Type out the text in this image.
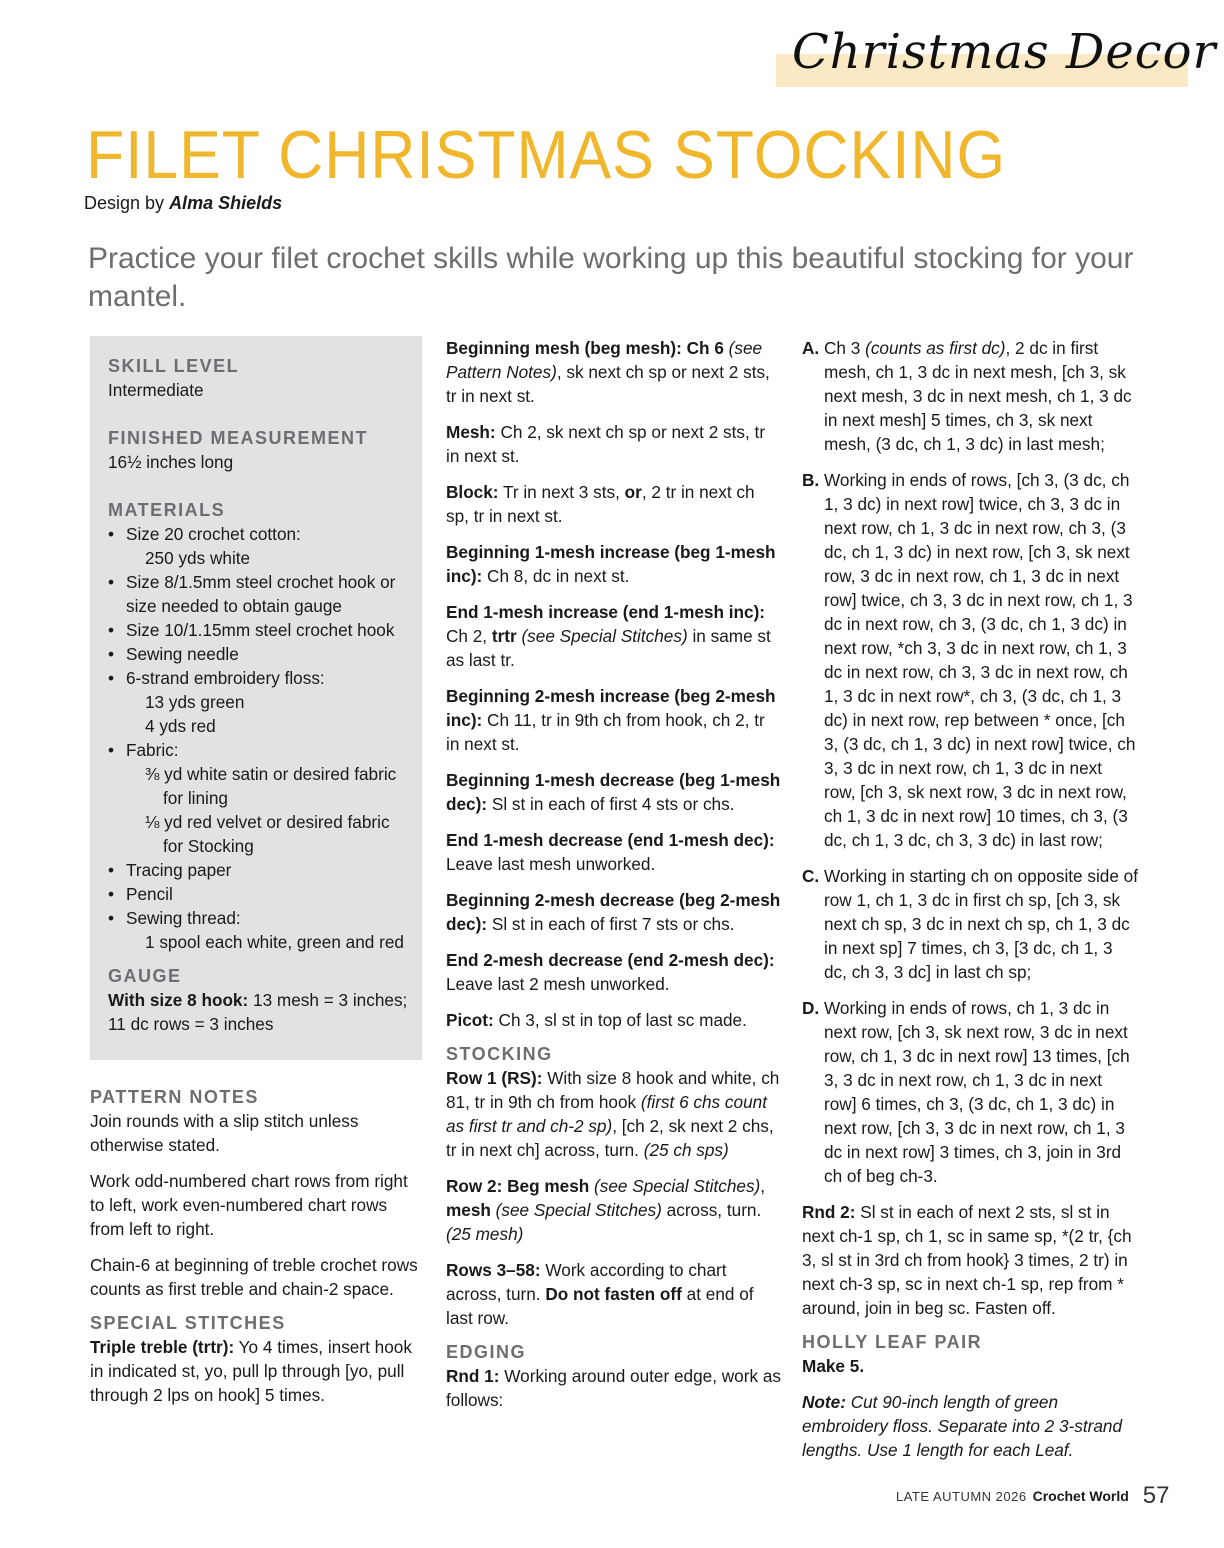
Christmas Decor
FILET CHRISTMAS STOCKING
Design by Alma Shields
Practice your filet crochet skills while working up this beautiful stocking for your mantel.
SKILL LEVEL
Intermediate
FINISHED MEASUREMENT
16½ inches long
MATERIALS
• Size 20 crochet cotton:
250 yds white
• Size 8/1.5mm steel crochet hook or
size needed to obtain gauge
• Size 10/1.15mm steel crochet hook
• Sewing needle
• 6-strand embroidery floss:
13 yds green
4 yds red
• Fabric:
⅜ yd white satin or desired fabric
for lining
⅛ yd red velvet or desired fabric
for Stocking
• Tracing paper
• Pencil
• Sewing thread:
1 spool each white, green and red
GAUGE
With size 8 hook: 13 mesh = 3 inches; 11 dc rows = 3 inches
PATTERN NOTES

Join rounds with a slip stitch unless otherwise stated.

Work odd-numbered chart rows from right to left, work even-numbered chart rows from left to right.

Chain-6 at beginning of treble crochet rows counts as first treble and chain-2 space.

SPECIAL STITCHES

Triple treble (trtr): Yo 4 times, insert hook in indicated st, yo, pull lp through [yo, pull through 2 lps on hook] 5 times.

Beginning mesh (beg mesh): Ch 6 (see Pattern Notes), sk next ch sp or next 2 sts, tr in next st.

Mesh: Ch 2, sk next ch sp or next 2 sts, tr in next st.

Block: Tr in next 3 sts, or, 2 tr in next ch sp, tr in next st.

Beginning 1-mesh increase (beg 1-mesh inc): Ch 8, dc in next st.

End 1-mesh increase (end 1-mesh inc): Ch 2, trtr (see Special Stitches) in same st as last tr.

Beginning 2-mesh increase (beg 2-mesh inc): Ch 11, tr in 9th ch from hook, ch 2, tr in next st.

Beginning 1-mesh decrease (beg 1-mesh dec): Sl st in each of first 4 sts or chs.

End 1-mesh decrease (end 1-mesh dec): Leave last mesh unworked.

Beginning 2-mesh decrease (beg 2-mesh dec): Sl st in each of first 7 sts or chs.

End 2-mesh decrease (end 2-mesh dec): Leave last 2 mesh unworked.

Picot: Ch 3, sl st in top of last sc made.

STOCKING

Row 1 (RS): With size 8 hook and white, ch 81, tr in 9th ch from hook (first 6 chs count as first tr and ch-2 sp), [ch 2, sk next 2 chs, tr in next ch] across, turn. (25 ch sps)

Row 2: Beg mesh (see Special Stitches), mesh (see Special Stitches) across, turn. (25 mesh)

Rows 3–58: Work according to chart across, turn. Do not fasten off at end of last row.

EDGING

Rnd 1: Working around outer edge, work as follows:

A. Ch 3 (counts as first dc), 2 dc in first mesh, ch 1, 3 dc in next mesh, [ch 3, sk next mesh, 3 dc in next mesh, ch 1, 3 dc in next mesh] 5 times, ch 3, sk next mesh, (3 dc, ch 1, 3 dc) in last mesh;
B. Working in ends of rows, [ch 3, (3 dc, ch 1, 3 dc) in next row] twice, ch 3, 3 dc in next row, ch 1, 3 dc in next row, ch 3, (3 dc, ch 1, 3 dc) in next row, [ch 3, sk next row, 3 dc in next row, ch 1, 3 dc in next row] twice, ch 3, 3 dc in next row, ch 1, 3 dc in next row, ch 3, (3 dc, ch 1, 3 dc) in next row, *ch 3, 3 dc in next row, ch 1, 3 dc in next row, ch 3, 3 dc in next row, ch 1, 3 dc in next row*, ch 3, (3 dc, ch 1, 3 dc) in next row, rep between * once, [ch 3, (3 dc, ch 1, 3 dc) in next row] twice, ch 3, 3 dc in next row, ch 1, 3 dc in next row, [ch 3, sk next row, 3 dc in next row, ch 1, 3 dc in next row] 10 times, ch 3, (3 dc, ch 1, 3 dc, ch 3, 3 dc) in last row;
C. Working in starting ch on opposite side of row 1, ch 1, 3 dc in first ch sp, [ch 3, sk next ch sp, 3 dc in next ch sp, ch 1, 3 dc in next sp] 7 times, ch 3, [3 dc, ch 1, 3 dc, ch 3, 3 dc] in last ch sp;
D. Working in ends of rows, ch 1, 3 dc in next row, [ch 3, sk next row, 3 dc in next row, ch 1, 3 dc in next row] 13 times, [ch 3, 3 dc in next row, ch 1, 3 dc in next row] 6 times, ch 3, (3 dc, ch 1, 3 dc) in next row, [ch 3, 3 dc in next row, ch 1, 3 dc in next row] 3 times, ch 3, join in 3rd ch of beg ch-3.

Rnd 2: Sl st in each of next 2 sts, sl st in next ch-1 sp, ch 1, sc in same sp, *(2 tr, {ch 3, sl st in 3rd ch from hook} 3 times, 2 tr) in next ch-3 sp, sc in next ch-1 sp, rep from * around, join in beg sc. Fasten off.

HOLLY LEAF PAIR

Make 5.

Note: Cut 90-inch length of green embroidery floss. Separate into 2 3-strand lengths. Use 1 length for each Leaf.

LATE AUTUMN 2026 Crochet World 57
